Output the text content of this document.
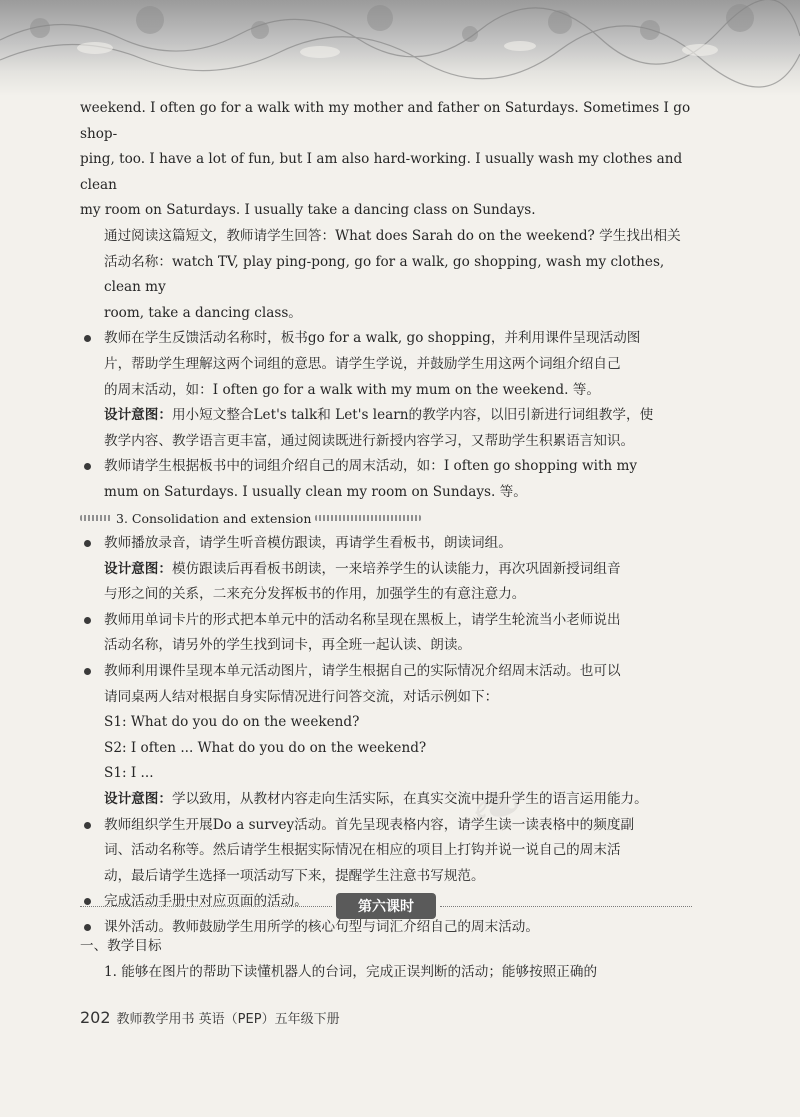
weekend. I often go for a walk with my mother and father on Saturdays. Sometimes I go shop-

ping, too. I have a lot of fun, but I am also hard-working. I usually wash my clothes and clean

my room on Saturdays. I usually take a dancing class on Sundays.

通过阅读这篇短文，教师请学生回答：What does Sarah do on the weekend? 学生找出相关

活动名称：watch TV, play ping-pong, go for a walk, go shopping, wash my clothes, clean my

room, take a dancing class。

教师在学生反馈活动名称时，板书go for a walk, go shopping，并利用课件呈现活动图

片，帮助学生理解这两个词组的意思。请学生学说，并鼓励学生用这两个词组介绍自己

的周末活动，如：I often go for a walk with my mum on the weekend. 等。

设计意图：用小短文整合Let's talk和 Let's learn的教学内容，以旧引新进行词组教学，使

教学内容、教学语言更丰富，通过阅读既进行新授内容学习，又帮助学生积累语言知识。

教师请学生根据板书中的词组介绍自己的周末活动，如：I often go shopping with my

mum on Saturdays. I usually clean my room on Sundays. 等。

3. Consolidation and extension

教师播放录音，请学生听音模仿跟读，再请学生看板书，朗读词组。

设计意图：模仿跟读后再看板书朗读，一来培养学生的认读能力，再次巩固新授词组音

与形之间的关系，二来充分发挥板书的作用，加强学生的有意注意力。

教师用单词卡片的形式把本单元中的活动名称呈现在黑板上，请学生轮流当小老师说出

活动名称，请另外的学生找到词卡，再全班一起认读、朗读。

教师利用课件呈现本单元活动图片，请学生根据自己的实际情况介绍周末活动。也可以

请同桌两人结对根据自身实际情况进行问答交流，对话示例如下：

S1: What do you do on the weekend?

S2: I often ... What do you do on the weekend?

S1: I ...

设计意图：学以致用，从教材内容走向生活实际，在真实交流中提升学生的语言运用能力。

教师组织学生开展Do a survey活动。首先呈现表格内容，请学生读一读表格中的频度副

词、活动名称等。然后请学生根据实际情况在相应的项目上打钩并说一说自己的周末活

动，最后请学生选择一项活动写下来，提醒学生注意书写规范。

完成活动手册中对应页面的活动。

课外活动。教师鼓励学生用所学的核心句型与词汇介绍自己的周末活动。

❧
第六课时

一、教学目标

1. 能够在图片的帮助下读懂机器人的台词，完成正误判断的活动；能够按照正确的

202 教师教学用书 英语（PEP）五年级下册
